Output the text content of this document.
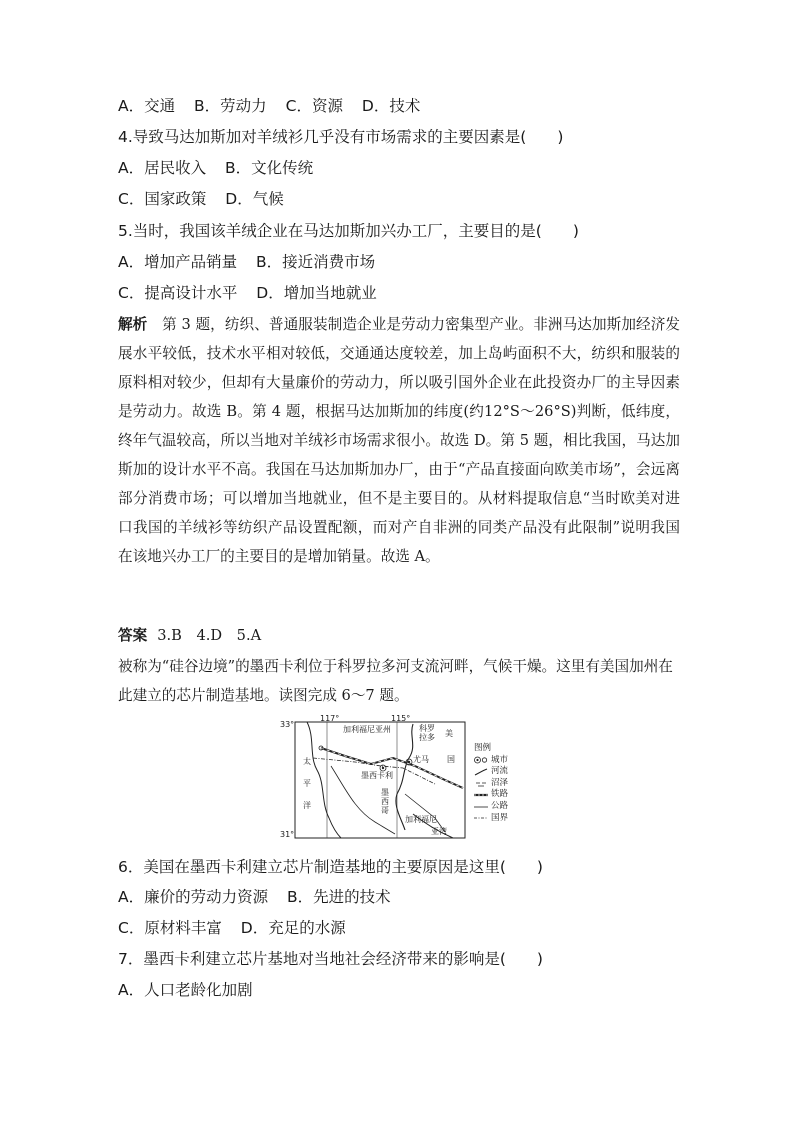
A．交通 B．劳动力 C．资源 D．技术
4.导致马达加斯加对羊绒衫几乎没有市场需求的主要因素是(　　)
A．居民收入 B．文化传统
C．国家政策 D．气候
5.当时，我国该羊绒企业在马达加斯加兴办工厂，主要目的是(　　)
A．增加产品销量 B．接近消费市场
C．提高设计水平 D．增加当地就业
解析　 第 3 题，纺织、普通服装制造企业是劳动力密集型产业。非洲马达加斯加经济发展水平较低，技术水平相对较低，交通通达度较差，加上岛屿面积不大，纺织和服装的原料相对较少，但却有大量廉价的劳动力，所以吸引国外企业在此投资办厂的主导因素是劳动力。故选 B。第 4 题，根据马达加斯加的纬度(约12°S～26°S)判断，低纬度，终年气温较高，所以当地对羊绒衫市场需求很小。故选 D。第 5 题，相比我国，马达加斯加的设计水平不高。我国在马达加斯加办厂，由于“产品直接面向欧美市场”，会远离部分消费市场；可以增加当地就业，但不是主要目的。从材料提取信息“当时欧美对进口我国的羊绒衫等纺织产品设置配额，而对产自非洲的同类产品没有此限制”说明我国在该地兴办工厂的主要目的是增加销量。故选 A。
答案 3.B　4.D　5.A
被称为“硅谷边境”的墨西卡利位于科罗拉多河支流河畔，气候干燥。这里有美国加州在此建立的芯片制造基地。读图完成 6～7 题。
117°	115°
33°
31°
加利福尼亚州	科罗拉多 美
国
墨西卡利
尤马
太
平
洋
墨西哥
加利福尼
亚湾
图例
城市
河流
沼泽
铁路
公路
国界
6．美国在墨西卡利建立芯片制造基地的主要原因是这里(　　)
A．廉价的劳动力资源 B．先进的技术
C．原材料丰富 D．充足的水源
7．墨西卡利建立芯片基地对当地社会经济带来的影响是(　　)
A．人口老龄化加剧
